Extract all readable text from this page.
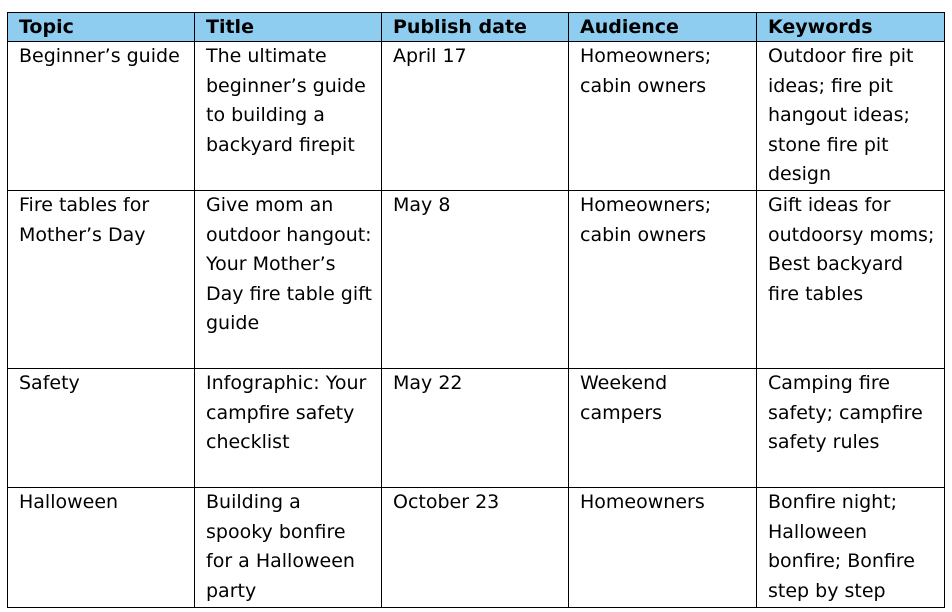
Topic	Title	Publish date	Audience	Keywords
Beginner’s guide	The ultimate beginner’s guide to building a backyard firepit	April 17	Homeowners; cabin owners	Outdoor fire pit ideas; fire pit hangout ideas; stone fire pit design
Fire tables for Mother’s Day	Give mom an outdoor hangout: Your Mother’s Day fire table gift guide	May 8	Homeowners; cabin owners	Gift ideas for outdoorsy moms; Best backyard fire tables
Safety	Infographic: Your campfire safety checklist	May 22	Weekend campers	Camping fire safety; campfire safety rules
Halloween	Building a spooky bonfire for a Halloween party	October 23	Homeowners	Bonfire night; Halloween bonfire; Bonfire step by step
